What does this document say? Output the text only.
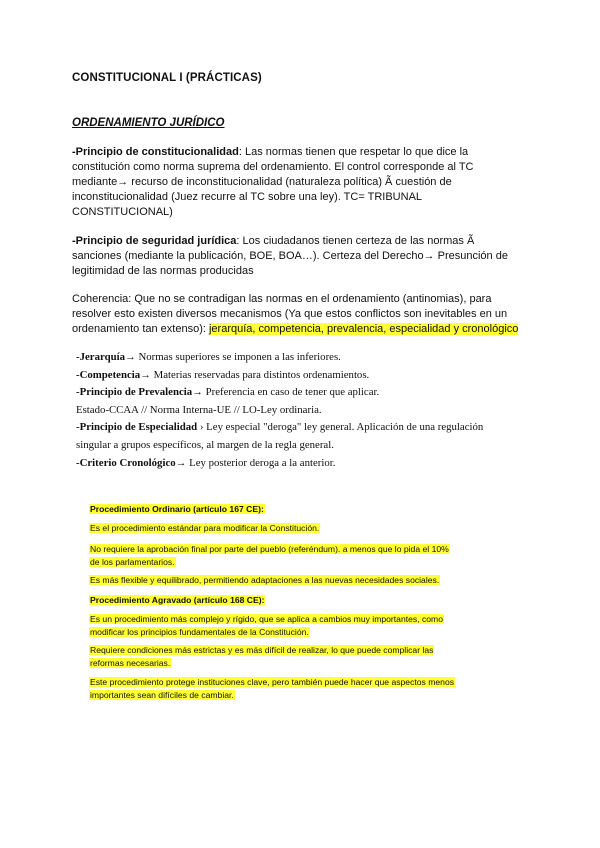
CONSTITUCIONAL I (PRÁCTICAS)
ORDENAMIENTO JURÍDICO
-Principio de constitucionalidad: Las normas tienen que respetar lo que dice la
constitución como norma suprema del ordenamiento. El control corresponde al TC
mediante→ recurso de inconstitucionalidad (naturaleza política) Ã cuestión de
inconstitucionalidad (Juez recurre al TC sobre una ley). TC= TRIBUNAL
CONSTITUCIONAL)
-Principio de seguridad jurídica: Los ciudadanos tienen certeza de las normas Ã
sanciones (mediante la publicación, BOE, BOA…). Certeza del Derecho→ Presunción de
legitimidad de las normas producidas
Coherencia: Que no se contradigan las normas en el ordenamiento (antinomias), para
resolver esto existen diversos mecanismos (Ya que estos conflictos son inevitables en un
ordenamiento tan extenso): jerarquía, competencia, prevalencia, especialidad y cronológico
-Jerarquía→ Normas superiores se imponen a las inferiores.
-Competencia→ Materias reservadas para distintos ordenamientos.
-Principio de Prevalencia→ Preferencia en caso de tener que aplicar.
Estado-CCAA // Norma Interna-UE // LO-Ley ordinaria.
-Principio de Especialidad › Ley especial "deroga" ley general. Aplicación de una regulación
singular a grupos específicos, al margen de la regla general.
-Criterio Cronológico→ Ley posterior deroga a la anterior.
Procedimiento Ordinario (artículo 167 CE):
Es el procedimiento estándar para modificar la Constitución.
No requiere la aprobación final por parte del pueblo (referéndum). a menos que lo pida el 10%
de los parlamentarios.
Es más flexible y equilibrado, permitiendo adaptaciones a las nuevas necesidades sociales.
Procedimiento Agravado (artículo 168 CE):
Es un procedimiento más complejo y rígido, que se aplica a cambios muy importantes, como
modificar los principios fundamentales de la Constitución.
Requiere condiciones más estrictas y es más difícil de realizar, lo que puede complicar las
reformas necesarias.
Este procedimiento protege instituciones clave, pero también puede hacer que aspectos menos
importantes sean difíciles de cambiar.
